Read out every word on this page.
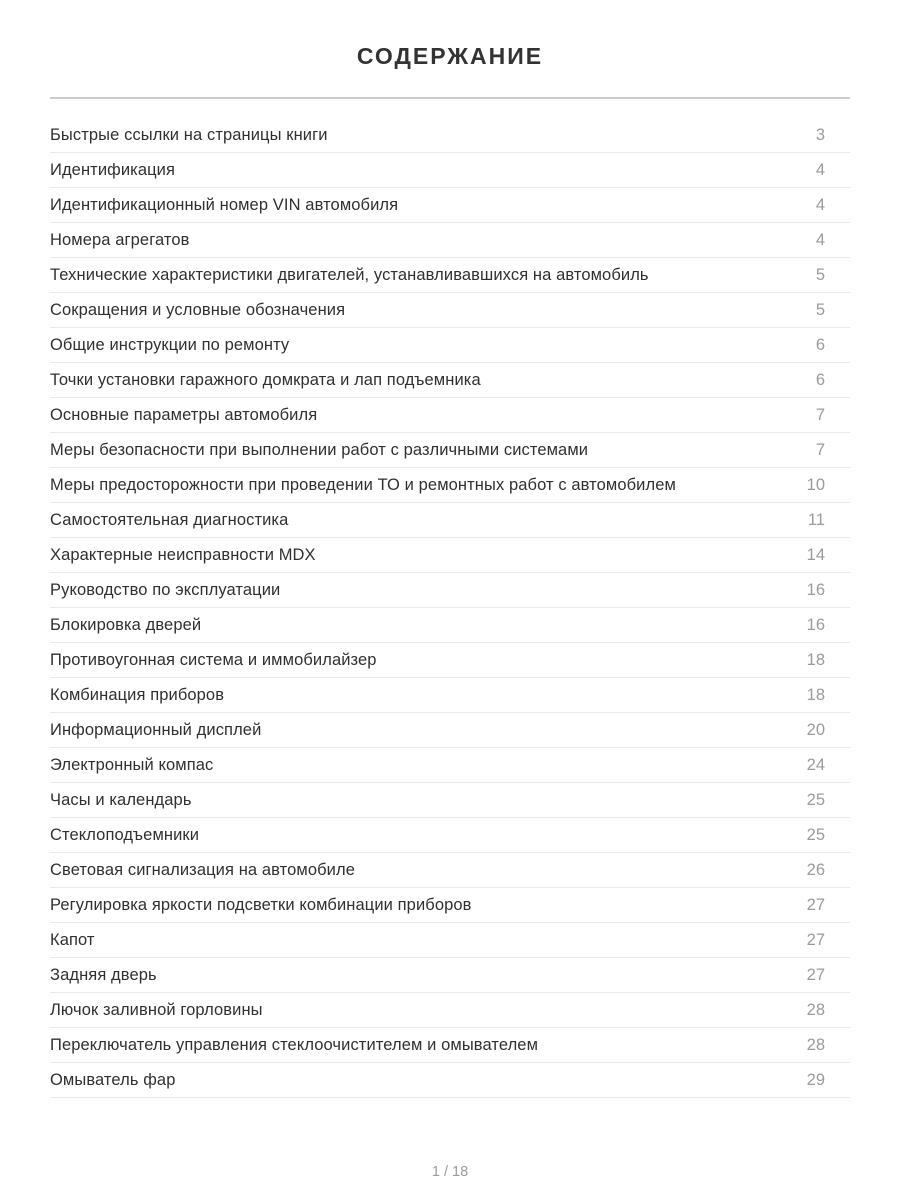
СОДЕРЖАНИЕ
Быстрые ссылки на страницы книги	3
Идентификация	4
Идентификационный номер VIN автомобиля	4
Номера агрегатов	4
Технические характеристики двигателей, устанавливавшихся на автомобиль	5
Сокращения и условные обозначения	5
Общие инструкции по ремонту	6
Точки установки гаражного домкрата и лап подъемника	6
Основные параметры автомобиля	7
Меры безопасности при выполнении работ с различными системами	7
Меры предосторожности при проведении ТО и ремонтных работ с автомобилем	10
Самостоятельная диагностика	11
Характерные неисправности MDX	14
Руководство по эксплуатации	16
Блокировка дверей	16
Противоугонная система и иммобилайзер	18
Комбинация приборов	18
Информационный дисплей	20
Электронный компас	24
Часы и календарь	25
Стеклоподъемники	25
Световая сигнализация на автомобиле	26
Регулировка яркости подсветки комбинации приборов	27
Капот	27
Задняя дверь	27
Лючок заливной горловины	28
Переключатель управления стеклоочистителем и омывателем	28
Омыватель фар	29
1 / 18
